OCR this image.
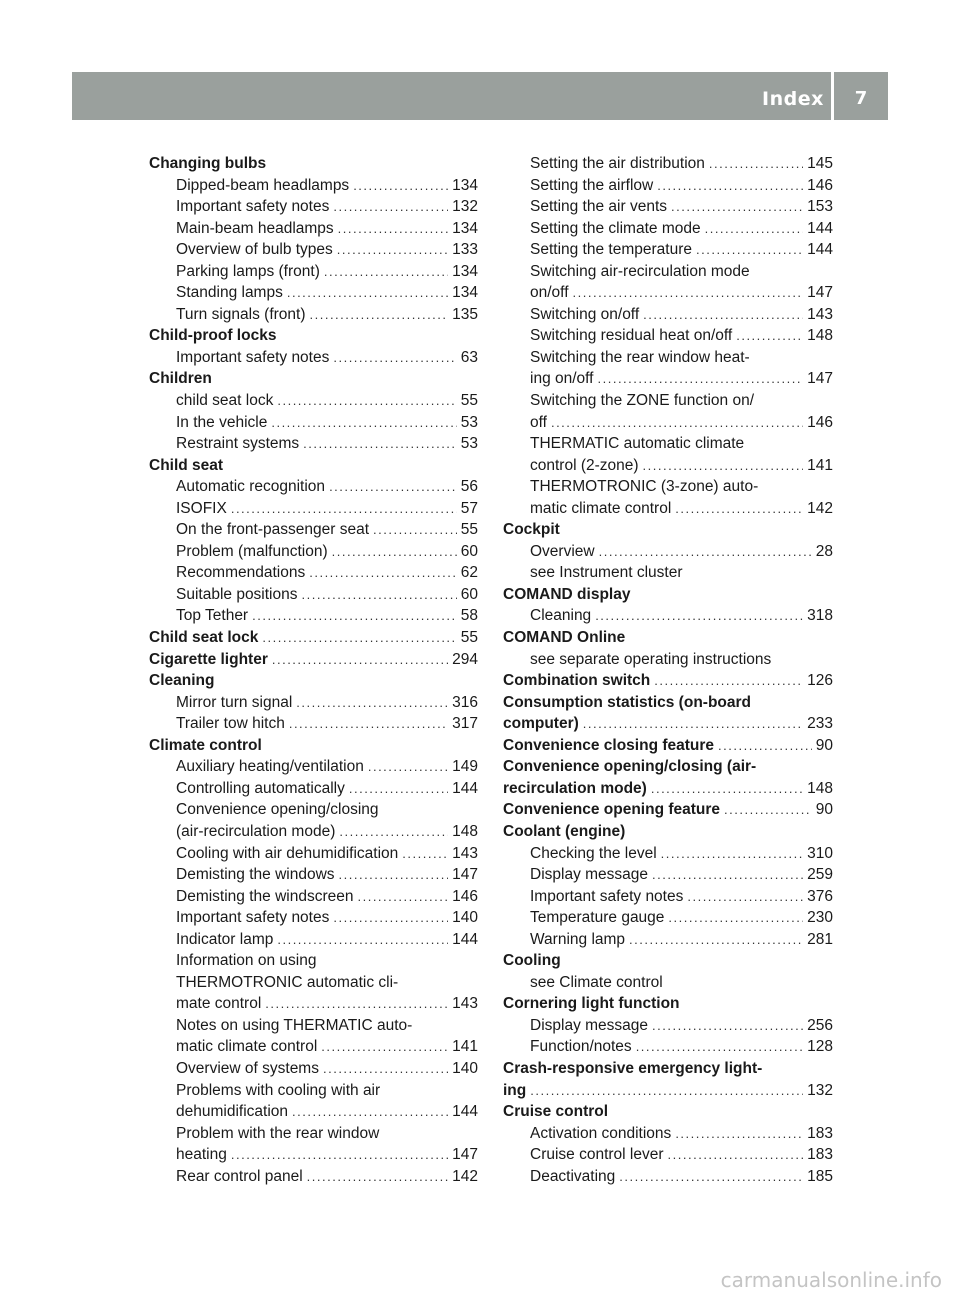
Index	7
Changing bulbs
Dipped-beam headlamps .....	134
Important safety notes .....	132
Main-beam headlamps .....	134
Overview of bulb types .....	133
Parking lamps (front) .....	134
Standing lamps .....	134
Turn signals (front) .....	135
Child-proof locks
Important safety notes .....	63
Children
child seat lock .....	55
In the vehicle .....	53
Restraint systems .....	53
Child seat
Automatic recognition .....	56
ISOFIX .....	57
On the front-passenger seat .....	55
Problem (malfunction) .....	60
Recommendations .....	62
Suitable positions .....	60
Top Tether .....	58
Child seat lock .....	55
Cigarette lighter .....	294
Cleaning
Mirror turn signal .....	316
Trailer tow hitch .....	317
Climate control
Auxiliary heating/ventilation .....	149
Controlling automatically .....	144
Convenience opening/closing
(air-recirculation mode) .....	148
Cooling with air dehumidification .....	143
Demisting the windows .....	147
Demisting the windscreen .....	146
Important safety notes .....	140
Indicator lamp .....	144
Information on using
THERMOTRONIC automatic cli-
mate control .....	143
Notes on using THERMATIC auto-
matic climate control .....	141
Overview of systems .....	140
Problems with cooling with air
dehumidification .....	144
Problem with the rear window
heating .....	147
Rear control panel .....	142
Setting the air distribution .....	145
Setting the airflow .....	146
Setting the air vents .....	153
Setting the climate mode .....	144
Setting the temperature .....	144
Switching air-recirculation mode
on/off .....	147
Switching on/off .....	143
Switching residual heat on/off .....	148
Switching the rear window heat-
ing on/off .....	147
Switching the ZONE function on/
off .....	146
THERMATIC automatic climate
control (2-zone) .....	141
THERMOTRONIC (3-zone) auto-
matic climate control .....	142
Cockpit
Overview .....	28
see Instrument cluster
COMAND display
Cleaning .....	318
COMAND Online
see separate operating instructions
Combination switch .....	126
Consumption statistics (on-board
computer) .....	233
Convenience closing feature .....	90
Convenience opening/closing (air-
recirculation mode) .....	148
Convenience opening feature .....	90
Coolant (engine)
Checking the level .....	310
Display message .....	259
Important safety notes .....	376
Temperature gauge .....	230
Warning lamp .....	281
Cooling
see Climate control
Cornering light function
Display message .....	256
Function/notes .....	128
Crash-responsive emergency light-
ing .....	132
Cruise control
Activation conditions .....	183
Cruise control lever .....	183
Deactivating .....	185
carmanualsonline.info
